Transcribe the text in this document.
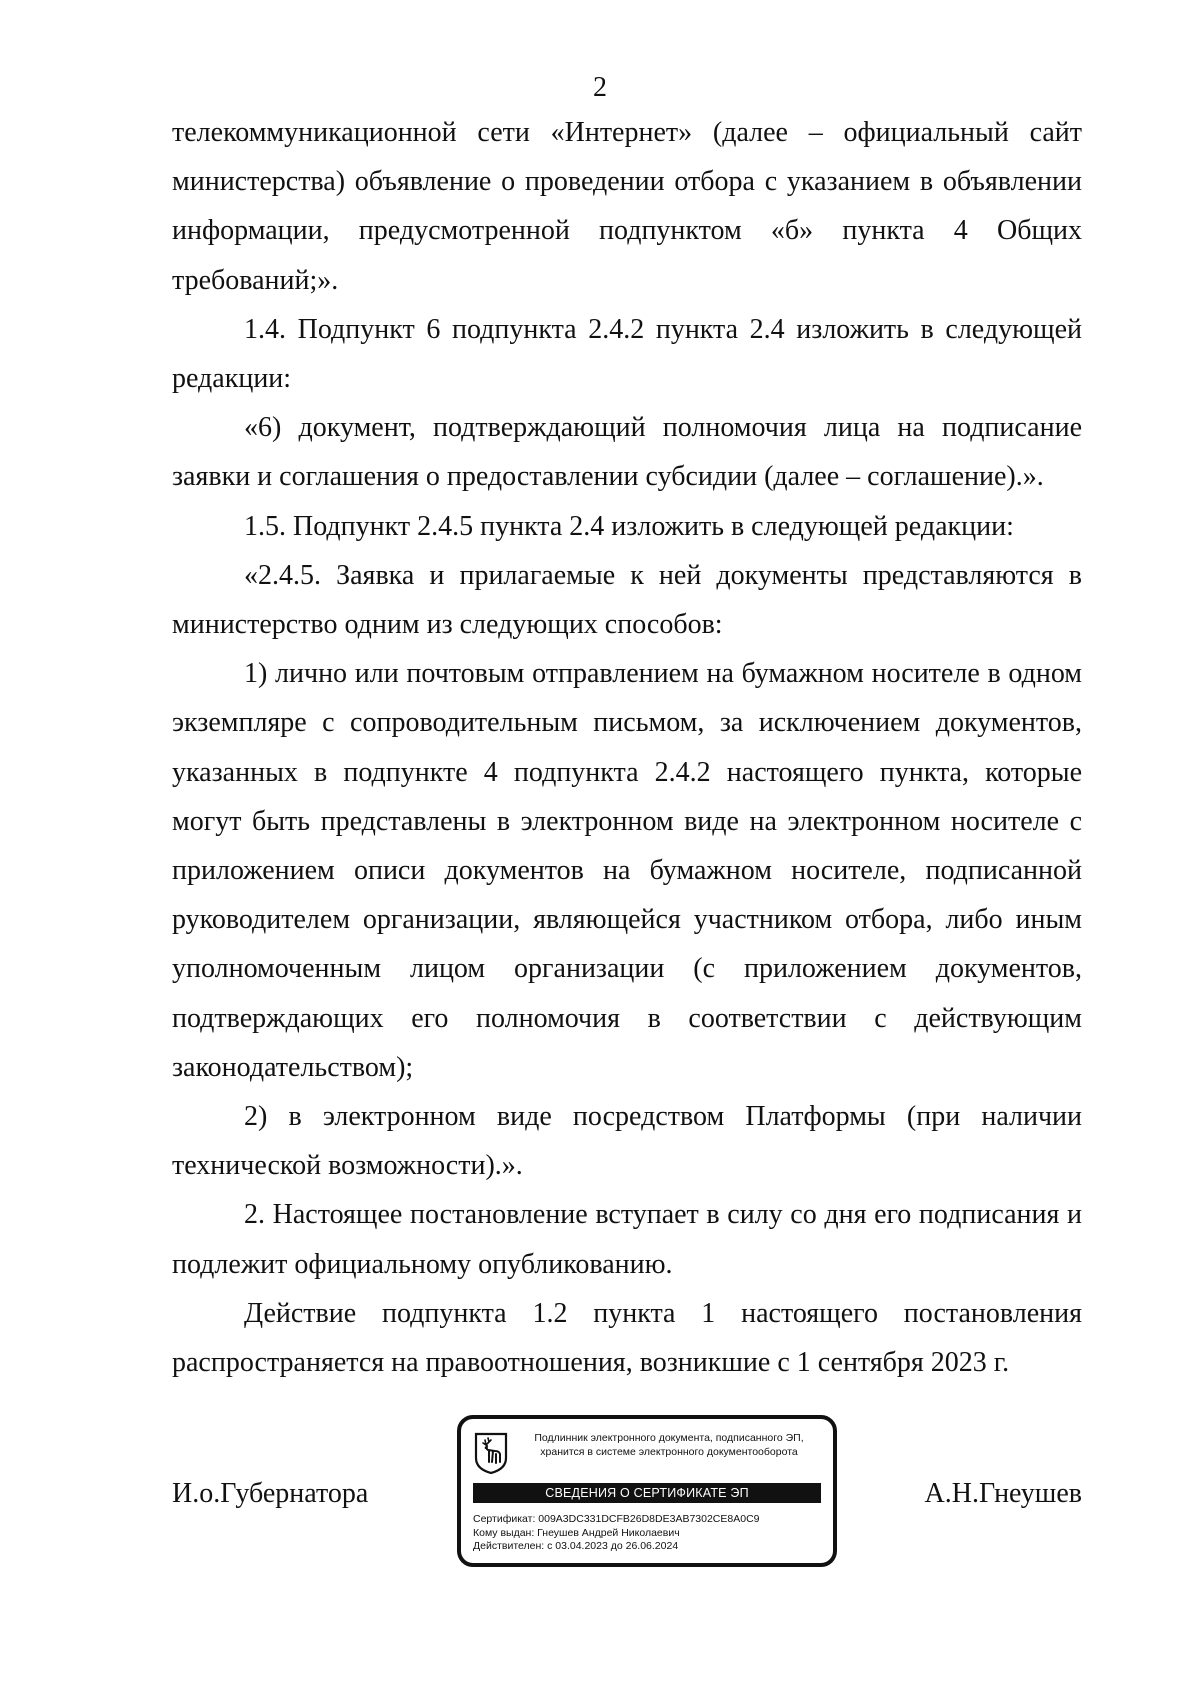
2

телекоммуникационной сети «Интернет» (далее – официальный сайт министерства) объявление о проведении отбора с указанием в объявлении информации, предусмотренной подпунктом «б» пункта 4 Общих требований;».

1.4. Подпункт 6 подпункта 2.4.2 пункта 2.4 изложить в следующей редакции:

«6) документ, подтверждающий полномочия лица на подписание заявки и соглашения о предоставлении субсидии (далее – соглашение).».

1.5. Подпункт 2.4.5 пункта 2.4 изложить в следующей редакции:

«2.4.5. Заявка и прилагаемые к ней документы представляются в министерство одним из следующих способов:

1) лично или почтовым отправлением на бумажном носителе в одном экземпляре с сопроводительным письмом, за исключением документов, указанных в подпункте 4 подпункта 2.4.2 настоящего пункта, которые могут быть представлены в электронном виде на электронном носителе с приложением описи документов на бумажном носителе, подписанной руководителем организации, являющейся участником отбора, либо иным уполномоченным лицом организации (с приложением документов, подтверждающих его полномочия в соответствии с действующим законодательством);

2) в электронном виде посредством Платформы (при наличии технической возможности).».

2. Настоящее постановление вступает в силу со дня его подписания и подлежит официальному опубликованию.

Действие подпункта 1.2 пункта 1 настоящего постановления распространяется на правоотношения, возникшие с 1 сентября 2023 г.

И.о.Губернатора
Подлинник электронного документа, подписанного ЭП,
хранится в системе электронного документооборота
СВЕДЕНИЯ О СЕРТИФИКАТЕ ЭП
Сертификат: 009A3DC331DCFB26D8DE3AB7302CE8A0C9
Кому выдан: Гнеушев Андрей Николаевич
Действителен: с 03.04.2023 до 26.06.2024
А.Н.Гнеушев
